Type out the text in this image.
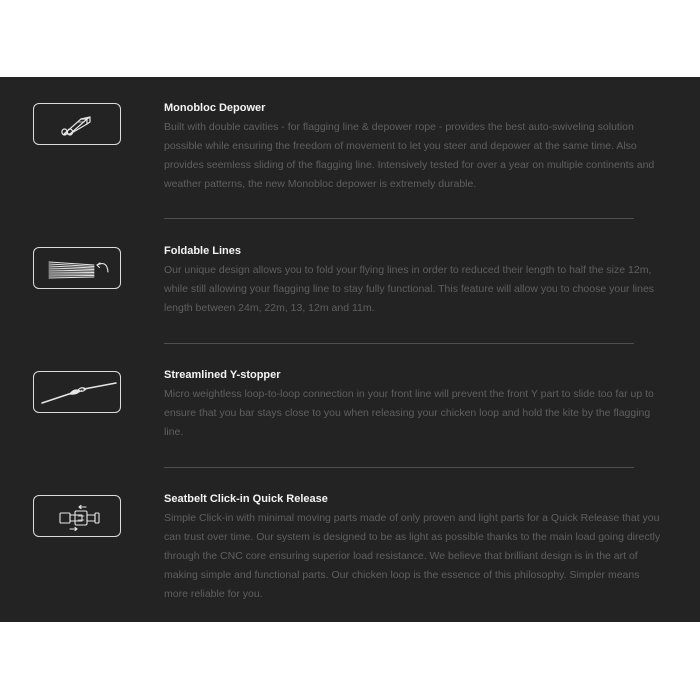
Monobloc Depower

Built with double cavities - for flagging line & depower rope - provides the best auto-swiveling solution possible while ensuring the freedom of movement to let you steer and depower at the same time. Also provides seemless sliding of the flagging line. Intensively tested for over a year on multiple continents and weather patterns, the new Monobloc depower is extremely durable.

Foldable Lines

Our unique design allows you to fold your flying lines in order to reduced their length to half the size 12m, while still allowing your flagging line to stay fully functional. This feature will allow you to choose your lines length between 24m, 22m, 13, 12m and 11m.

Streamlined Y-stopper

Micro weightless loop-to-loop connection in your front line will prevent the front Y part to slide too far up to ensure that you bar stays close to you when releasing your chicken loop and hold the kite by the flagging line.

Seatbelt Click-in Quick Release

Simple Click-in with minimal moving parts made of only proven and light parts for a Quick Release that you can trust over time. Our system is designed to be as light as possible thanks to the main load going directly through the CNC core ensuring superior load resistance. We believe that brilliant design is in the art of making simple and functional parts. Our chicken loop is the essence of this philosophy. Simpler means more reliable for you.
